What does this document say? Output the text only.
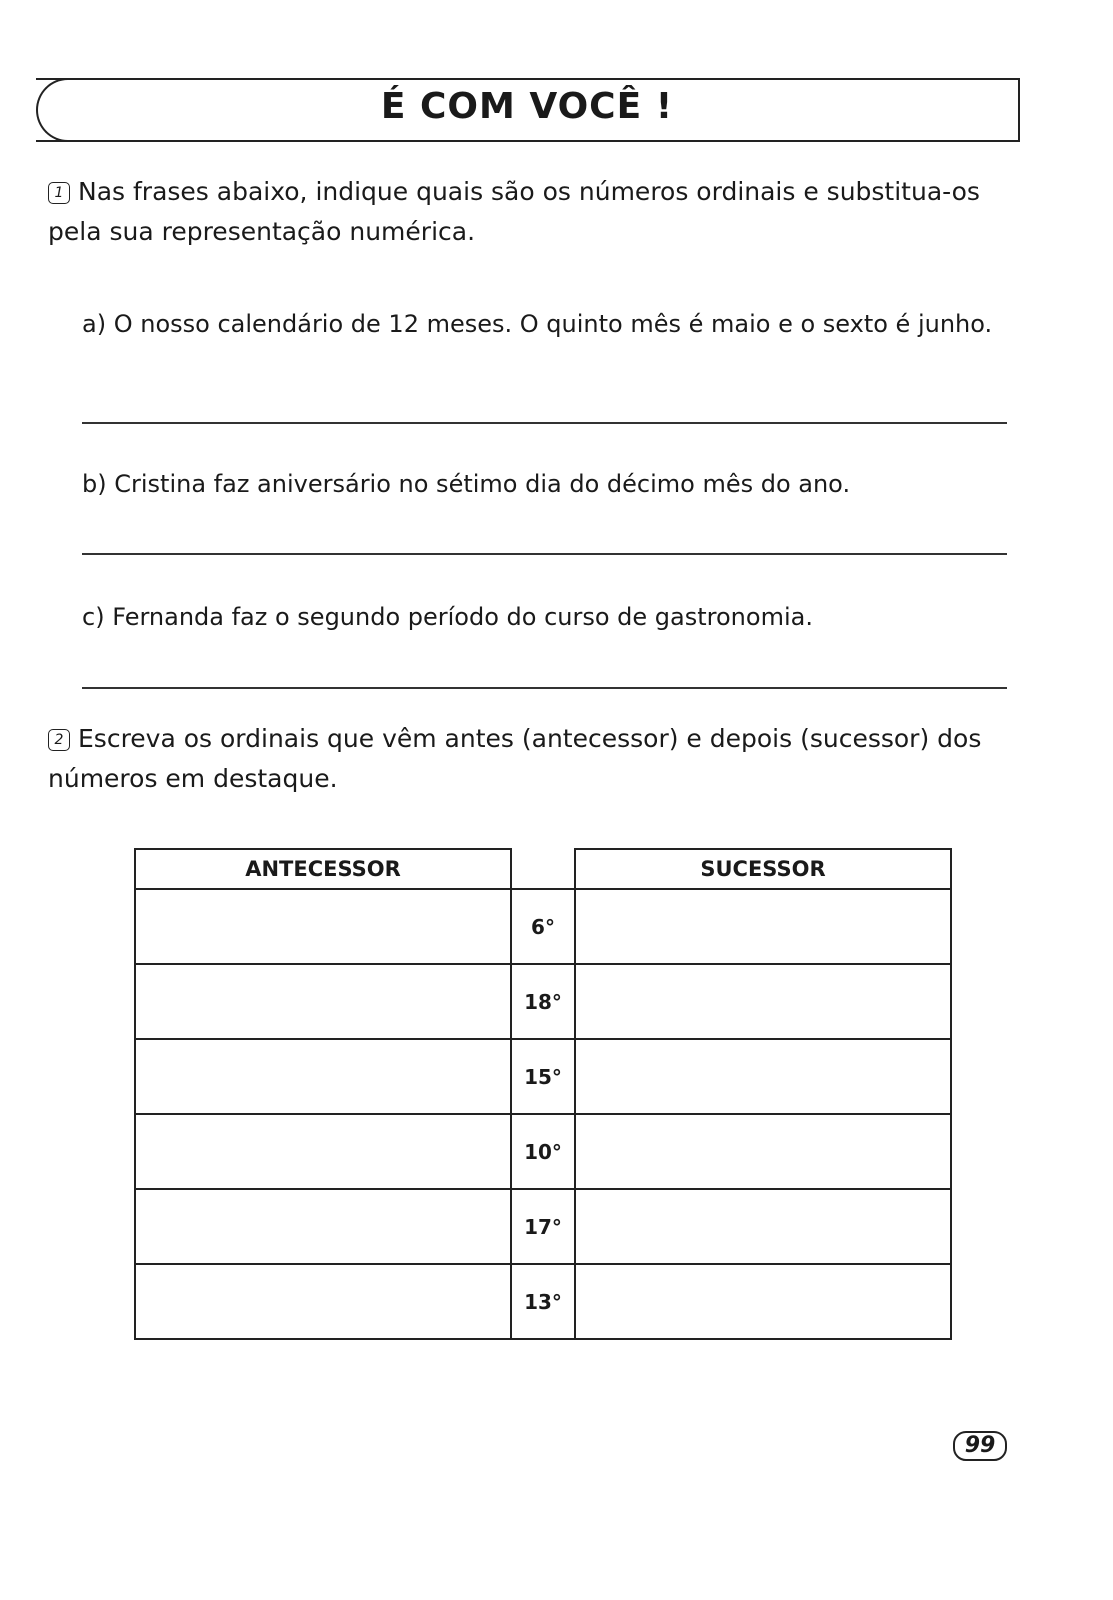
É COM VOCÊ !
1 Nas frases abaixo, indique quais são os números ordinais e substitua-os pela sua representação numérica.
a) O nosso calendário de 12 meses. O quinto mês é maio e o sexto é junho.
b) Cristina faz aniversário no sétimo dia do décimo mês do ano.
c) Fernanda faz o segundo período do curso de gastronomia.
2 Escreva os ordinais que vêm antes (antecessor) e depois (sucessor) dos números em destaque.
ANTECESSOR		SUCESSOR
	6°	
	18°	
	15°	
	10°	
	17°	
	13°	
99
